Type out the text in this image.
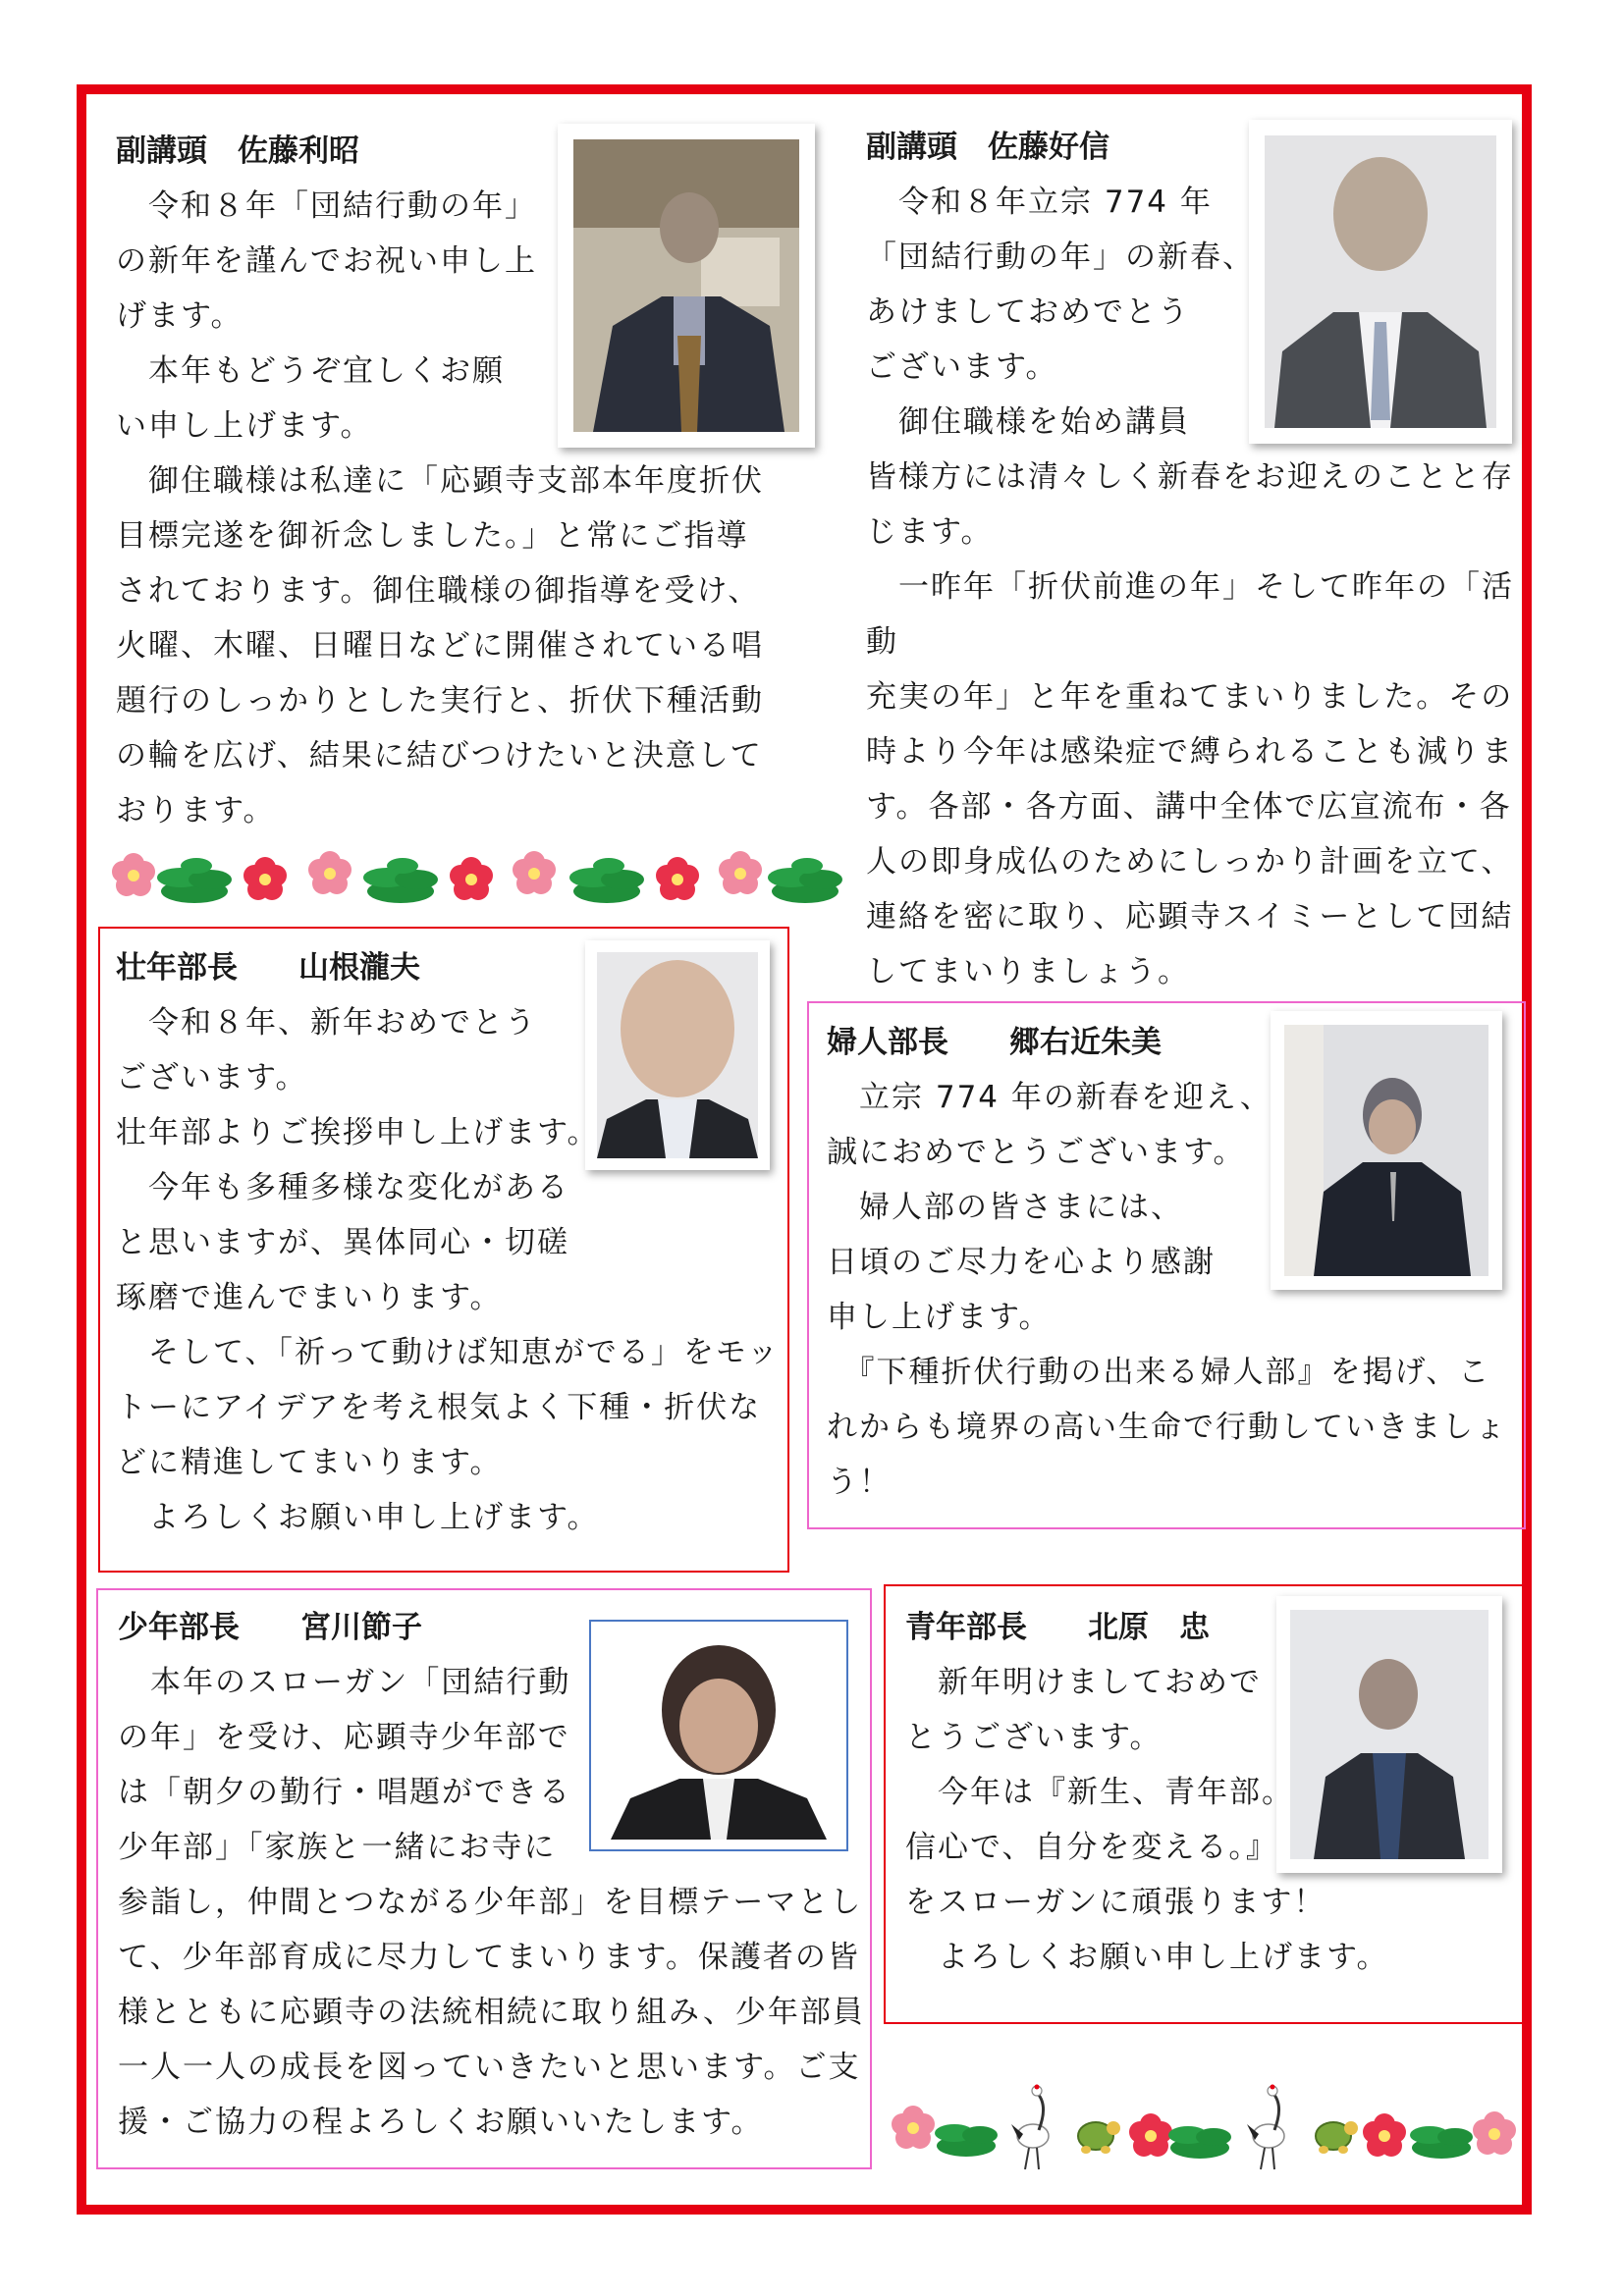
副講頭　佐藤利昭

　令和８年「団結行動の年」

の新年を謹んでお祝い申し上

げます。

　本年もどうぞ宜しくお願

い申し上げます。

　御住職様は私達に「応顕寺支部本年度折伏

目標完遂を御祈念しました。」と常にご指導

されております。御住職様の御指導を受け、

火曜、木曜、日曜日などに開催されている唱

題行のしっかりとした実行と、折伏下種活動

の輪を広げ、結果に結びつけたいと決意して

おります。

副講頭　佐藤好信

　令和８年立宗 774 年

「団結行動の年」の新春、

あけましておめでとう

ございます。

　御住職様を始め講員

皆様方には清々しく新春をお迎えのことと存

じます。

　一昨年「折伏前進の年」そして昨年の「活動

充実の年」と年を重ねてまいりました。その

時より今年は感染症で縛られることも減りま

す。各部・各方面、講中全体で広宣流布・各

人の即身成仏のためにしっかり計画を立て、

連絡を密に取り、応顕寺スイミーとして団結

してまいりましょう。

壮年部長　　山根瀧夫

　令和８年、新年おめでとう

ございます。

壮年部よりご挨拶申し上げます。

　今年も多種多様な変化がある

と思いますが、異体同心・切磋

琢磨で進んでまいります。

　そして、「祈って動けば知恵がでる」をモッ

トーにアイデアを考え根気よく下種・折伏な

どに精進してまいります。

　よろしくお願い申し上げます。

婦人部長　　郷右近朱美

　立宗 774 年の新春を迎え、

誠におめでとうございます。

　婦人部の皆さまには、

日頃のご尽力を心より感謝

申し上げます。

　『下種折伏行動の出来る婦人部』を掲げ、こ

れからも境界の高い生命で行動していきましょ

う！

少年部長　　宮川節子

　本年のスローガン「団結行動

の年」を受け、応顕寺少年部で

は「朝夕の勤行・唱題ができる

少年部」「家族と一緒にお寺に

参詣し，仲間とつながる少年部」を目標テーマとし

て、少年部育成に尽力してまいります。保護者の皆

様とともに応顕寺の法統相続に取り組み、少年部員

一人一人の成長を図っていきたいと思います。ご支

援・ご協力の程よろしくお願いいたします。

青年部長　　北原　忠

　新年明けましておめで

とうございます。

　今年は『新生、青年部。

信心で、自分を変える。』

をスローガンに頑張ります！

　よろしくお願い申し上げます。
